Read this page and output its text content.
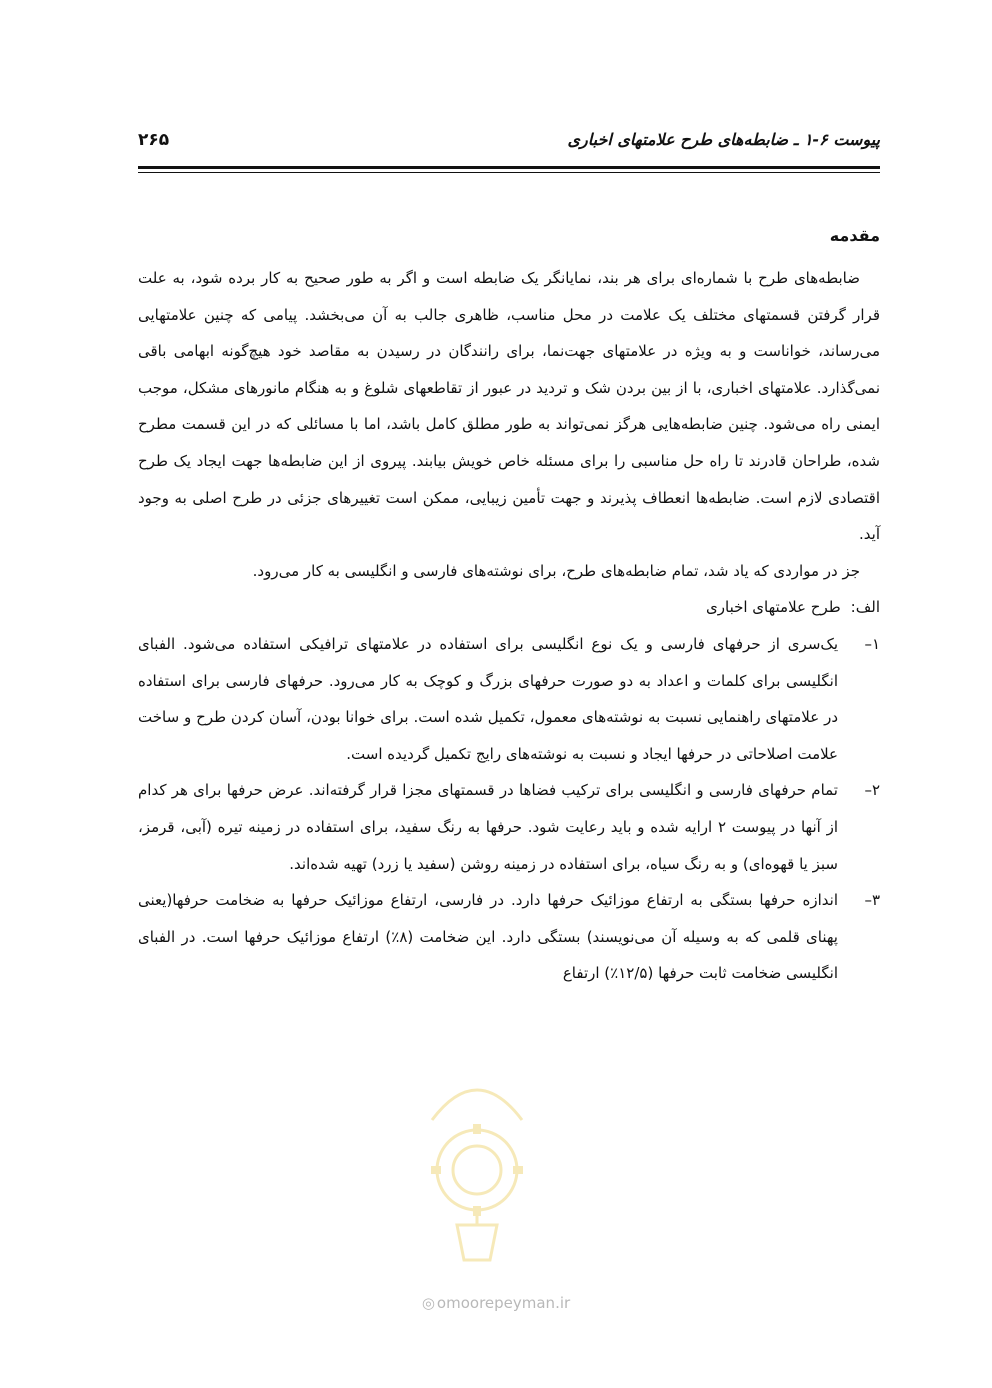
پیوست ۶-۱ ـ ضابطه‌های طرح علامتهای اخباری
۲۶۵
مقدمه

ضابطه‌های طرح با شماره‌ای برای هر بند، نمایانگر یک ضابطه است و اگر به طور صحیح به کار برده شود، به علت قرار گرفتن قسمتهای مختلف یک علامت در محل مناسب، ظاهری جالب به آن می‌بخشد. پیامی که چنین علامتهایی می‌رساند، خواناست و به ویژه در علامتهای جهت‌نما، برای رانندگان در رسیدن به مقاصد خود هیچ‌گونه ابهامی باقی نمی‌گذارد. علامتهای اخباری، با از بین بردن شک و تردید در عبور از تقاطعهای شلوغ و به هنگام مانورهای مشکل، موجب ایمنی راه می‌شود. چنین ضابطه‌هایی هرگز نمی‌تواند به طور مطلق کامل باشد، اما با مسائلی که در این قسمت مطرح شده، طراحان قادرند تا راه حل مناسبی را برای مسئله خاص خویش بیابند. پیروی از این ضابطه‌ها جهت ایجاد یک طرح اقتصادی لازم است. ضابطه‌ها انعطاف پذیرند و جهت تأمین زیبایی، ممکن است تغییرهای جزئی در طرح اصلی به وجود آید.

جز در مواردی که یاد شد، تمام ضابطه‌های طرح، برای نوشته‌های فارسی و انگلیسی به کار می‌رود.

الف:
طرح علامتهای اخباری
۱–
یک‌سری از حرفهای فارسی و یک نوع انگلیسی برای استفاده در علامتهای ترافیکی استفاده می‌شود. الفبای انگلیسی برای کلمات و اعداد به دو صورت حرفهای بزرگ و کوچک به کار می‌رود. حرفهای فارسی برای استفاده در علامتهای راهنمایی نسبت به نوشته‌های معمول، تکمیل شده است. برای خوانا بودن، آسان کردن طرح و ساخت علامت اصلاحاتی در حرفها ایجاد و نسبت به نوشته‌های رایج تکمیل گردیده است.
۲–
تمام حرفهای فارسی و انگلیسی برای ترکیب فضاها در قسمتهای مجزا قرار گرفته‌اند. عرض حرفها برای هر کدام از آنها در پیوست ۲ ارایه شده و باید رعایت شود. حرفها به رنگ سفید، برای استفاده در زمینه تیره (آبی، قرمز، سبز یا قهوه‌ای) و به رنگ سیاه، برای استفاده در زمینه روشن (سفید یا زرد) تهیه شده‌اند.
۳–
اندازه حرفها بستگی به ارتفاع موزائیک حرفها دارد. در فارسی، ارتفاع موزائیک حرفها به ضخامت حرفها(یعنی پهنای قلمی که به وسیله آن می‌نویسند) بستگی دارد. این ضخامت (۸٪) ارتفاع موزائیک حرفها است. در الفبای انگلیسی ضخامت ثابت حرفها (۱۲/۵٪) ارتفاع
◎ omoorepeyman.ir
